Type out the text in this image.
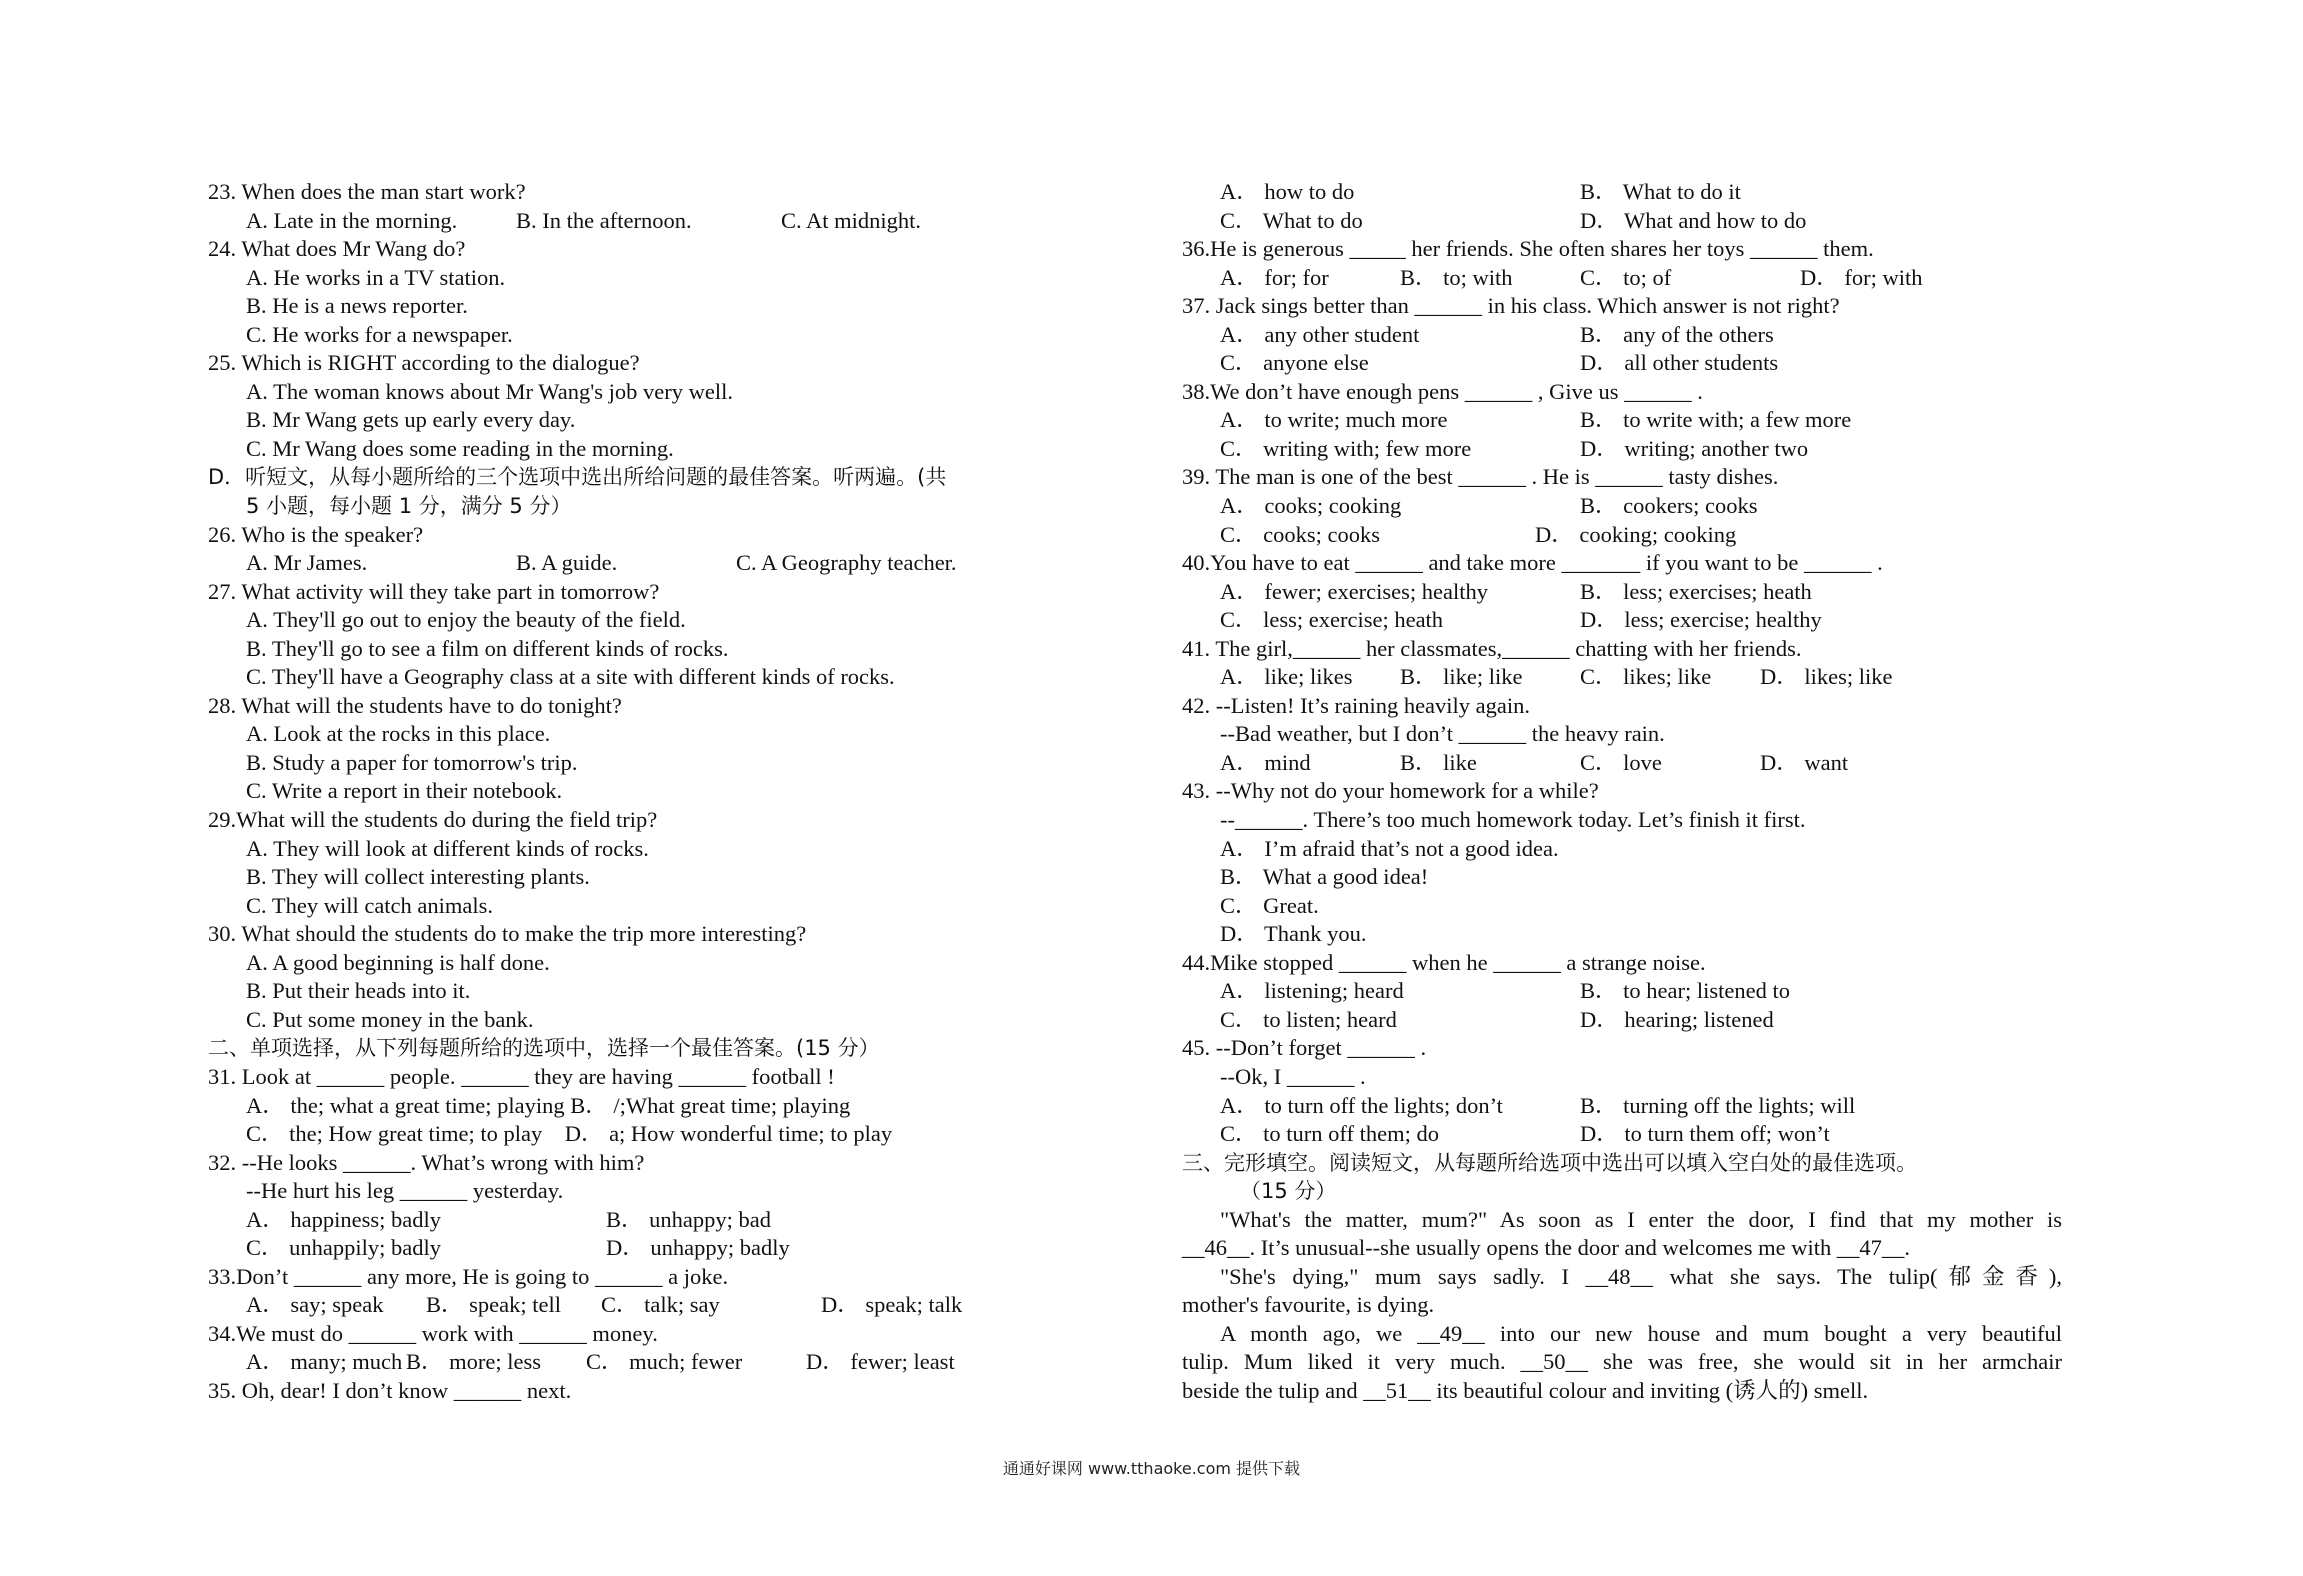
23. When does the man start work?
A. Late in the morning.	B. In the afternoon.	C. At midnight.
24. What does Mr Wang do?
A. He works in a TV station.
B. He is a news reporter.
C. He works for a newspaper.
25. Which is RIGHT according to the dialogue?
A. The woman knows about Mr Wang's job very well.
B. Mr Wang gets up early every day.
C. Mr Wang does some reading in the morning.
D．听短文，从每小题所给的三个选项中选出所给问题的最佳答案。听两遍。(共
5 小题，每小题 1 分，满分 5 分）
26. Who is the speaker?
A. Mr James.	B. A guide.	C. A Geography teacher.
27. What activity will they take part in tomorrow?
A. They'll go out to enjoy the beauty of the field.
B. They'll go to see a film on different kinds of rocks.
C. They'll have a Geography class at a site with different kinds of rocks.
28. What will the students have to do tonight?
A. Look at the rocks in this place.
B. Study a paper for tomorrow's trip.
C. Write a report in their notebook.
29.What will the students do during the field trip?
A. They will look at different kinds of rocks.
B. They will collect interesting plants.
C. They will catch animals.
30. What should the students do to make the trip more interesting?
A. A good beginning is half done.
B. Put their heads into it.
C. Put some money in the bank.
二、单项选择，从下列每题所给的选项中，选择一个最佳答案。(15 分）
31. Look at ______ people. ______ they are having ______ football !
A． the; what a great time; playing B． /;What great time; playing
C． the; How great time; to play    D． a; How wonderful time; to play
32. --He looks ______. What’s wrong with him?
--He hurt his leg ______ yesterday.
A． happiness; badly	B． unhappy; bad
C． unhappily; badly	D． unhappy; badly
33.Don’t ______ any more, He is going to ______ a joke.
A． say; speak B． speak; tell C． talk; say	D． speak; talk
34.We must do ______ work with ______ money.
A． many; much B． more; less C． much; fewer	D． fewer; least
35. Oh, dear! I don’t know ______ next.
A． how to do	B． What to do it
C． What to do	D． What and how to do
36.He is generous _____ her friends. She often shares her toys ______ them.
A． for; for	B． to; with	C． to; of	D． for; with
37. Jack sings better than ______ in his class. Which answer is not right?
A． any other student	B． any of the others
C． anyone else	D． all other students
38.We don’t have enough pens ______ , Give us ______ .
A． to write; much more	B． to write with; a few more
C． writing with; few more	D． writing; another two
39. The man is one of the best ______ . He is ______ tasty dishes.
A． cooks; cooking	B． cookers; cooks
C． cooks; cooks	D． cooking; cooking
40.You have to eat ______ and take more _______ if you want to be ______ .
A． fewer; exercises; healthy	B． less; exercises; heath
C． less; exercise; heath	D． less; exercise; healthy
41. The girl,______ her classmates,______ chatting with her friends.
A． like; likes B． like; like	C． likes; like D． likes; like
42. --Listen! It’s raining heavily again.
--Bad weather, but I don’t ______ the heavy rain.
A． mind	B． like	C． love	D． want
43. --Why not do your homework for a while?
--______. There’s too much homework today. Let’s finish it first.
A． I’m afraid that’s not a good idea.
B． What a good idea!
C． Great.
D． Thank you.
44.Mike stopped ______ when he ______ a strange noise.
A． listening; heard	B． to hear; listened to
C． to listen; heard	D． hearing; listened
45. --Don’t forget ______ .
--Ok, I ______ .
A． to turn off the lights; don’t	B． turning off the lights; will
C． to turn off them; do	D． to turn them off; won’t
三、完形填空。阅读短文，从每题所给选项中选出可以填入空白处的最佳选项。
（15 分）
"What's the matter, mum?" As soon as I enter the door, I find that my mother is
__46__. It’s unusual--she usually opens the door and welcomes me with __47__.
"She's dying," mum says sadly. I __48__ what she says. The tulip(郁金香),
mother's favourite, is dying.
A month ago, we __49__ into our new house and mum bought a very beautiful
tulip. Mum liked it very much. __50__ she was free, she would sit in her armchair
beside the tulip and __51__ its beautiful colour and inviting (诱人的) smell.
通通好课网 www.tthaoke.com 提供下载
